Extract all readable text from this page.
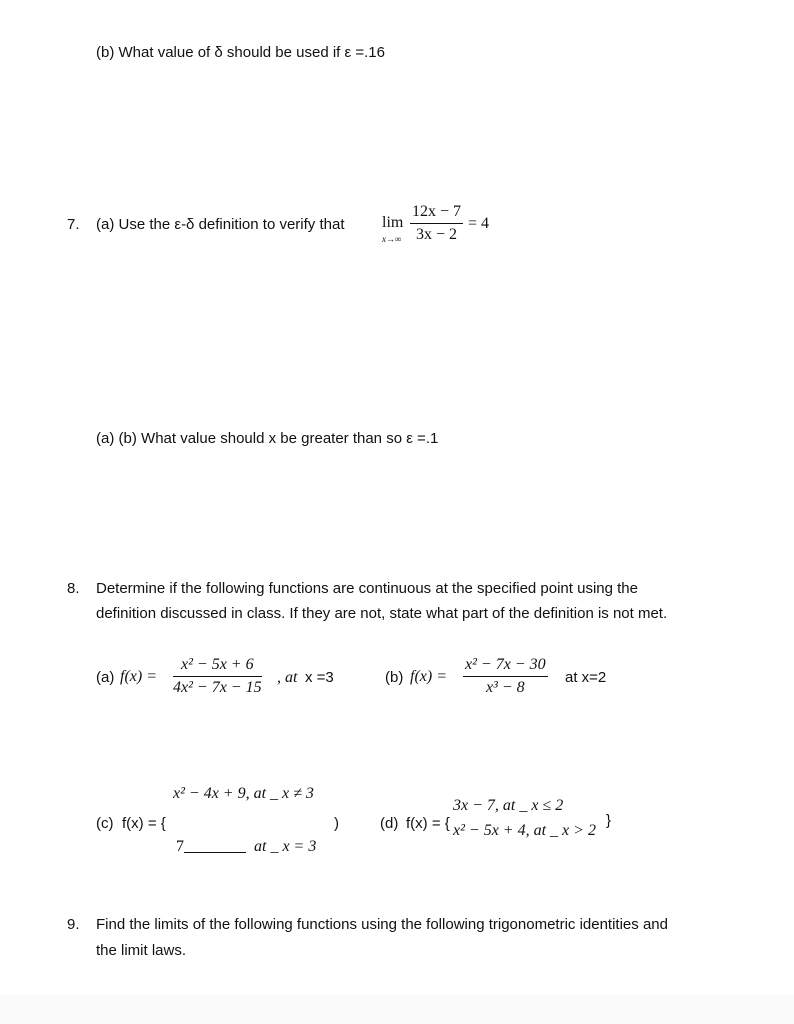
(b) What value of δ should be used if ε =.16
7. (a) Use the ε-δ definition to verify that lim
$x\to\infty \frac{12x - 7}{3x - 2} = 4$
(a) (b) What value should x be greater than so ε =.1
8. Determine if the following functions are continuous at the specified point using the
definition discussed in class. If they are not, state what part of the definition is not met.
(a) $f(x) = \frac{\text{x² − 5x + 6}}{\text{4x² − 7x − 15}}$ , at x =3	(b) $f(x) = \frac{\text{x² − 7x − 30}}{\text{x³ − 8}}$ at x=2
(c) f(x) = {
x² − 4x + 9, at _ x ≠ 3
7	at _ x = 3
)	(d) f(x) = {
3x − 7, at _ x ≤ 2
x² − 5x + 4, at _ x > 2
}
9. Find the limits of the following functions using the following trigonometric identities and
the limit laws.
